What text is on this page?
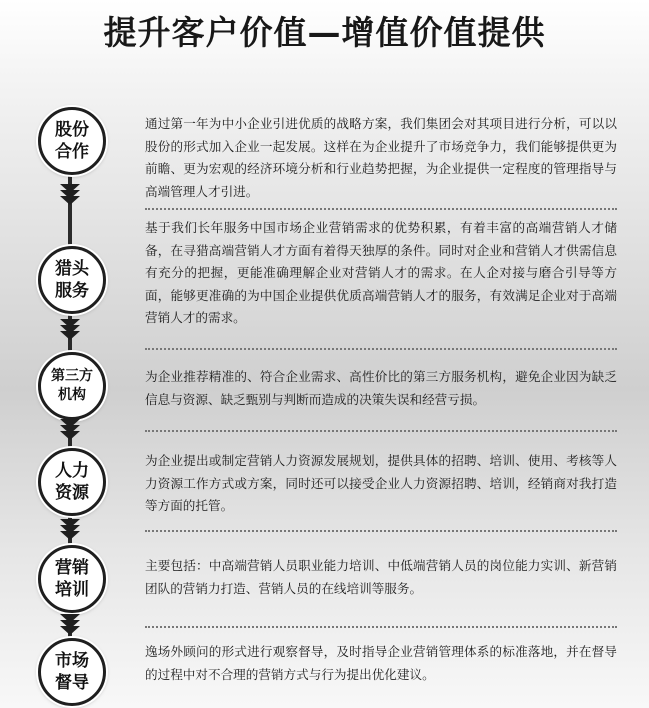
提升客户价值—增值价值提供
股份
合作
通过第一年为中小企业引进优质的战略方案，我们集团会对其项目进行分析，可以以股份的形式加入企业一起发展。这样在为企业提升了市场竞争力，我们能够提供更为前瞻、更为宏观的经济环境分析和行业趋势把握，为企业提供一定程度的管理指导与高端管理人才引进。
猎头
服务
基于我们长年服务中国市场企业营销需求的优势积累，有着丰富的高端营销人才储备，在寻猎高端营销人才方面有着得天独厚的条件。同时对企业和营销人才供需信息有充分的把握，更能准确理解企业对营销人才的需求。在人企对接与磨合引导等方面，能够更准确的为中国企业提供优质高端营销人才的服务，有效满足企业对于高端营销人才的需求。
第三方
机构
为企业推荐精准的、符合企业需求、高性价比的第三方服务机构，避免企业因为缺乏信息与资源、缺乏甄别与判断而造成的决策失误和经营亏损。
人力
资源
为企业提出或制定营销人力资源发展规划，提供具体的招聘、培训、使用、考核等人力资源工作方式或方案，同时还可以接受企业人力资源招聘、培训，经销商对我打造等方面的托管。
营销
培训
主要包括：中高端营销人员职业能力培训、中低端营销人员的岗位能力实训、新营销团队的营销力打造、营销人员的在线培训等服务。
市场
督导
逸场外顾问的形式进行观察督导，及时指导企业营销管理体系的标准落地，并在督导的过程中对不合理的营销方式与行为提出优化建议。
